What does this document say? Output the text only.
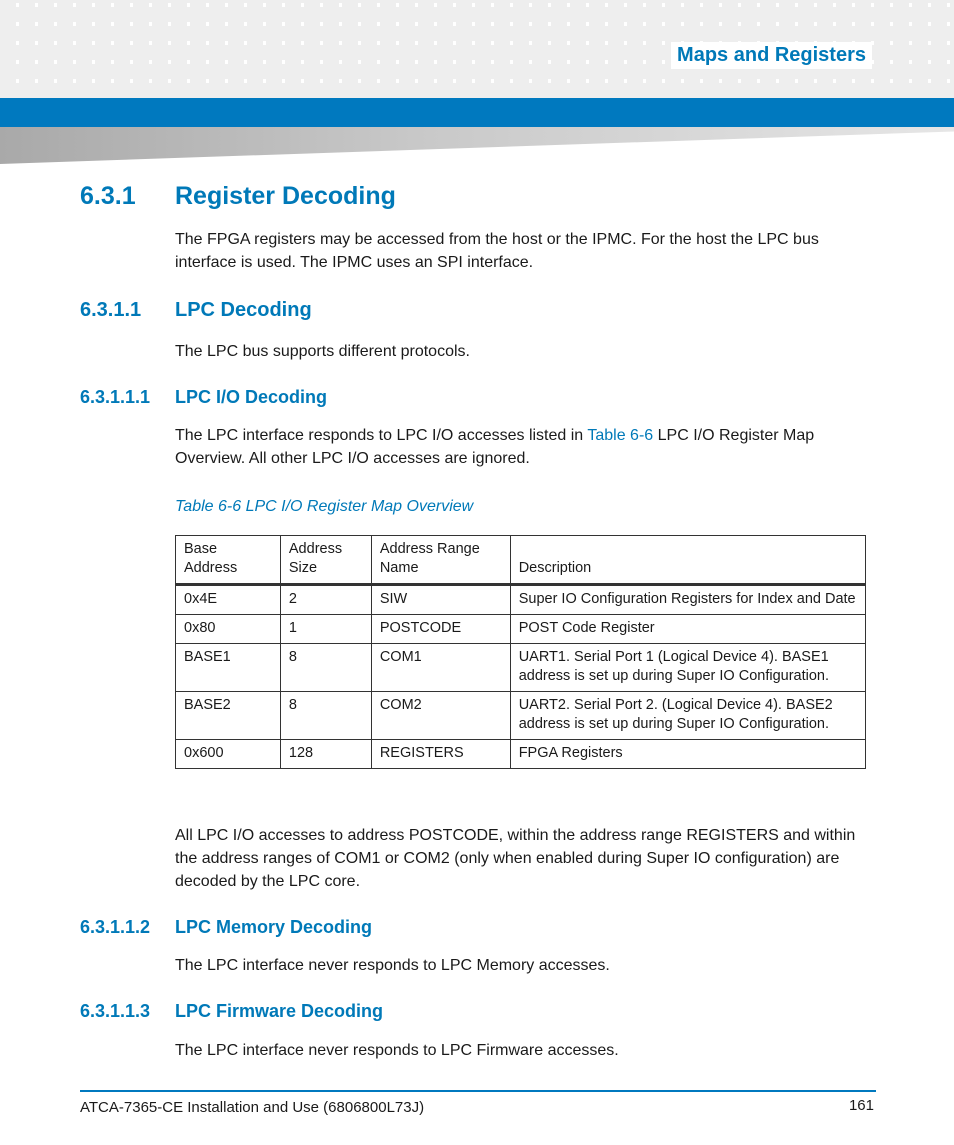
Maps and Registers
6.3.1 Register Decoding
The FPGA registers may be accessed from the host or the IPMC. For the host the LPC bus interface is used. The IPMC uses an SPI interface.
6.3.1.1 LPC Decoding
The LPC bus supports different protocols.
6.3.1.1.1 LPC I/O Decoding
The LPC interface responds to LPC I/O accesses listed in Table 6-6 LPC I/O Register Map Overview. All other LPC I/O accesses are ignored.
Table 6-6 LPC I/O Register Map Overview
Base Address	Address Size	Address Range Name	Description
0x4E	2	SIW	Super IO Configuration Registers for Index and Date
0x80	1	POSTCODE	POST Code Register
BASE1	8	COM1	UART1. Serial Port 1 (Logical Device 4). BASE1 address is set up during Super IO Configuration.
BASE2	8	COM2	UART2. Serial Port 2. (Logical Device 4). BASE2 address is set up during Super IO Configuration.
0x600	128	REGISTERS	FPGA Registers
All LPC I/O accesses to address POSTCODE, within the address range REGISTERS and within the address ranges of COM1 or COM2 (only when enabled during Super IO configuration) are decoded by the LPC core.
6.3.1.1.2 LPC Memory Decoding
The LPC interface never responds to LPC Memory accesses.
6.3.1.1.3 LPC Firmware Decoding
The LPC interface never responds to LPC Firmware accesses.
ATCA-7365-CE Installation and Use (6806800L73J)	161
